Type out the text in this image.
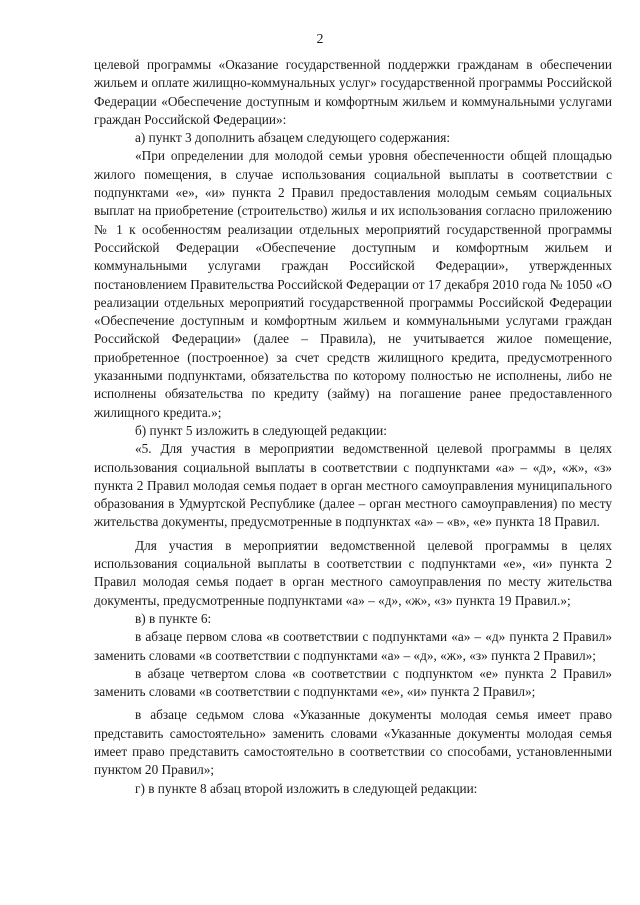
2

целевой программы «Оказание государственной поддержки гражданам в обеспечении жильем и оплате жилищно-коммунальных услуг» государственной программы Российской Федерации «Обеспечение доступным и комфортным жильем и коммунальными услугами граждан Российской Федерации»:

а) пункт 3 дополнить абзацем следующего содержания:

«При определении для молодой семьи уровня обеспеченности общей площадью жилого помещения, в случае использования социальной выплаты в соответствии с подпунктами «е», «и» пункта 2 Правил предоставления молодым семьям социальных выплат на приобретение (строительство) жилья и их использования согласно приложению № 1 к особенностям реализации отдельных мероприятий государственной программы Российской Федерации «Обеспечение доступным и комфортным жильем и коммунальными услугами граждан Российской Федерации», утвержденных постановлением Правительства Российской Федерации от 17 декабря 2010 года № 1050 «О реализации отдельных мероприятий государственной программы Российской Федерации «Обеспечение доступным и комфортным жильем и коммунальными услугами граждан Российской Федерации» (далее – Правила), не учитывается жилое помещение, приобретенное (построенное) за счет средств жилищного кредита, предусмотренного указанными подпунктами, обязательства по которому полностью не исполнены, либо не исполнены обязательства по кредиту (займу) на погашение ранее предоставленного жилищного кредита.»;

б) пункт 5 изложить в следующей редакции:

«5. Для участия в мероприятии ведомственной целевой программы в целях использования социальной выплаты в соответствии с подпунктами «а» – «д», «ж», «з» пункта 2 Правил молодая семья подает в орган местного самоуправления муниципального образования в Удмуртской Республике (далее – орган местного самоуправления) по месту жительства документы, предусмотренные в подпунктах «а» – «в», «е» пункта 18 Правил.

Для участия в мероприятии ведомственной целевой программы в целях использования социальной выплаты в соответствии с подпунктами «е», «и» пункта 2 Правил молодая семья подает в орган местного самоуправления по месту жительства документы, предусмотренные подпунктами «а» – «д», «ж», «з» пункта 19 Правил.»;

в) в пункте 6:

в абзаце первом слова «в соответствии с подпунктами «а» – «д» пункта 2 Правил» заменить словами «в соответствии с подпунктами «а» – «д», «ж», «з» пункта 2 Правил»;

в абзаце четвертом слова «в соответствии с подпунктом «е» пункта 2 Правил» заменить словами «в соответствии с подпунктами «е», «и» пункта 2 Правил»;

в абзаце седьмом слова «Указанные документы молодая семья имеет право представить самостоятельно» заменить словами «Указанные документы молодая семья имеет право представить самостоятельно в соответствии со способами, установленными пунктом 20 Правил»;

г) в пункте 8 абзац второй изложить в следующей редакции:
